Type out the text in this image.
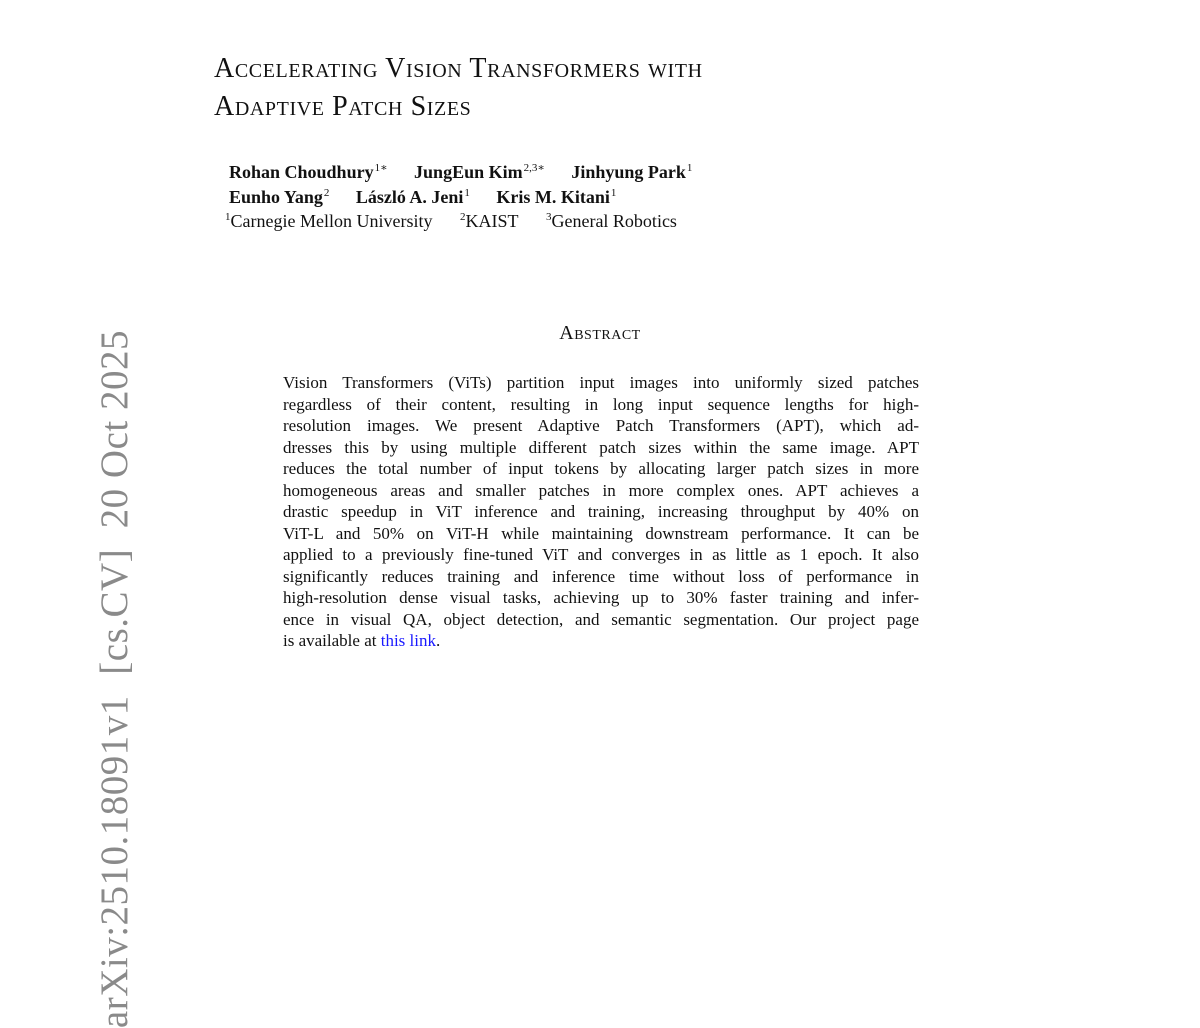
arXiv:2510.18091v1  [cs.CV]  20 Oct 2025
Accelerating Vision Transformers with
Adaptive Patch Sizes
Rohan Choudhury$^{1∗}$ JungEun Kim$^{2,3∗}$ Jinhyung Park$^1$
Eunho Yang$^2$ László A. Jeni$^1$ Kris M. Kitani$^1$
$^1$Carnegie Mellon University	$^2$KAIST	$^3$General Robotics
Abstract
Vision Transformers (ViTs) partition input images into uniformly sized patches
regardless of their content, resulting in long input sequence lengths for high-
resolution images. We present Adaptive Patch Transformers (APT), which ad-
dresses this by using multiple different patch sizes within the same image. APT
reduces the total number of input tokens by allocating larger patch sizes in more
homogeneous areas and smaller patches in more complex ones. APT achieves a
drastic speedup in ViT inference and training, increasing throughput by 40% on
ViT-L and 50% on ViT-H while maintaining downstream performance. It can be
applied to a previously fine-tuned ViT and converges in as little as 1 epoch. It also
significantly reduces training and inference time without loss of performance in
high-resolution dense visual tasks, achieving up to 30% faster training and infer-
ence in visual QA, object detection, and semantic segmentation. Our project page
is available at this link.
